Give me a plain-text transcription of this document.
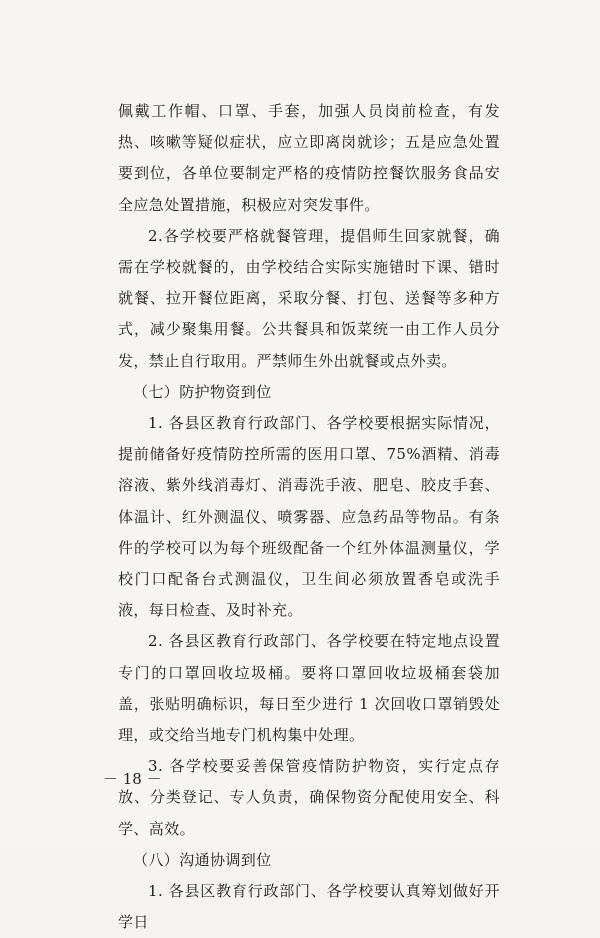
佩戴工作帽、口罩、手套，加强人员岗前检查，有发热、咳嗽等疑似症状，应立即离岗就诊；五是应急处置要到位，各单位要制定严格的疫情防控餐饮服务食品安全应急处置措施，积极应对突发事件。

2.各学校要严格就餐管理，提倡师生回家就餐，确需在学校就餐的，由学校结合实际实施错时下课、错时就餐、拉开餐位距离，采取分餐、打包、送餐等多种方式，减少聚集用餐。公共餐具和饭菜统一由工作人员分发，禁止自行取用。严禁师生外出就餐或点外卖。

（七）防护物资到位

1. 各县区教育行政部门、各学校要根据实际情况，提前储备好疫情防控所需的医用口罩、75%酒精、消毒溶液、紫外线消毒灯、消毒洗手液、肥皂、胶皮手套、体温计、红外测温仪、喷雾器、应急药品等物品。有条件的学校可以为每个班级配备一个红外体温测量仪，学校门口配备台式测温仪，卫生间必须放置香皂或洗手液，每日检查、及时补充。

2. 各县区教育行政部门、各学校要在特定地点设置专门的口罩回收垃圾桶。要将口罩回收垃圾桶套袋加盖，张贴明确标识，每日至少进行 1 次回收口罩销毁处理，或交给当地专门机构集中处理。

3. 各学校要妥善保管疫情防护物资，实行定点存放、分类登记、专人负责，确保物资分配使用安全、科学、高效。

（八）沟通协调到位

1. 各县区教育行政部门、各学校要认真筹划做好开学日

－ 18 －
